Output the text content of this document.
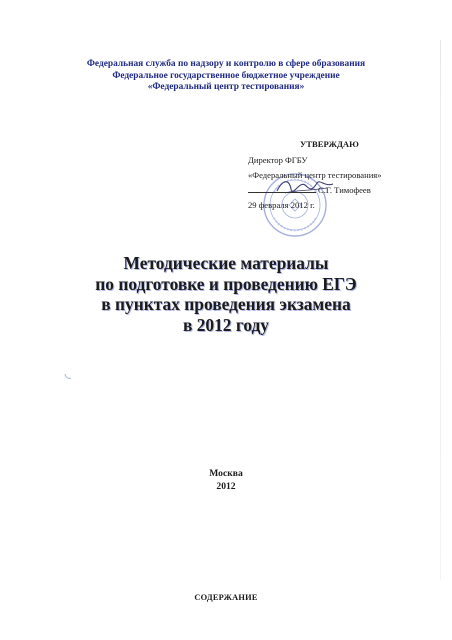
Федеральная служба по надзору и контролю в сфере образования
Федеральное государственное бюджетное учреждение
«Федеральный центр тестирования»
УТВЕРЖДАЮ
Директор ФГБУ
«Федеральный центр тестирования»
С.Г. Тимофеев
29 февраля 2012 г.
Методические материалы
по подготовке и проведению ЕГЭ
в пунктах проведения экзамена
в 2012 году
Москва
2012
СОДЕРЖАНИЕ
